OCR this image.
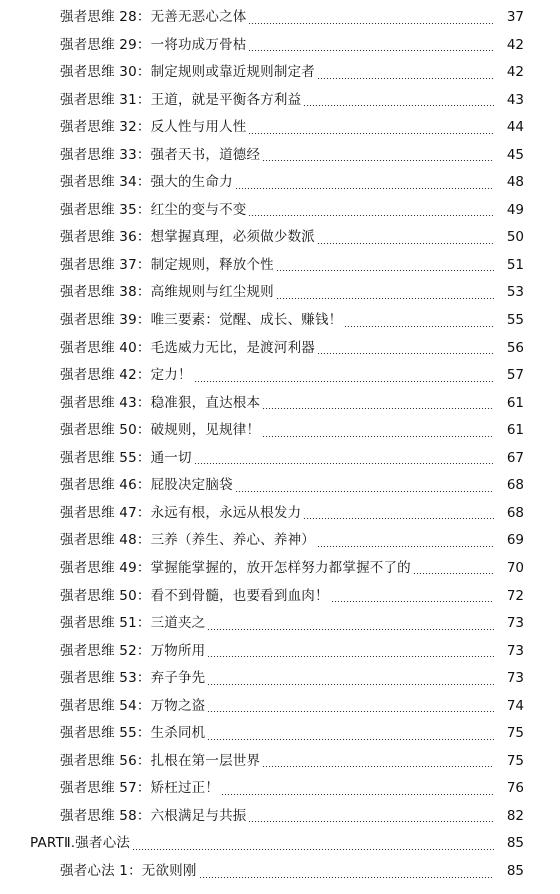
强者思维 28：无善无恶心之体	37
强者思维 29：一将功成万骨枯	42
强者思维 30：制定规则或靠近规则制定者	42
强者思维 31：王道，就是平衡各方利益	43
强者思维 32：反人性与用人性	44
强者思维 33：强者天书，道德经	45
强者思维 34：强大的生命力	48
强者思维 35：红尘的变与不变	49
强者思维 36：想掌握真理，必须做少数派	50
强者思维 37：制定规则，释放个性	51
强者思维 38：高维规则与红尘规则	53
强者思维 39：唯三要素：觉醒、成长、赚钱！	55
强者思维 40：毛选威力无比，是渡河利器	56
强者思维 42：定力！	57
强者思维 43：稳准狠，直达根本	61
强者思维 50：破规则，见规律！	61
强者思维 55：通一切	67
强者思维 46：屁股决定脑袋	68
强者思维 47：永远有根，永远从根发力	68
强者思维 48：三养（养生、养心、养神）	69
强者思维 49：掌握能掌握的，放开怎样努力都掌握不了的	70
强者思维 50：看不到骨髓，也要看到血肉！	72
强者思维 51：三道夹之	73
强者思维 52：万物所用	73
强者思维 53：弃子争先	73
强者思维 54：万物之盗	74
强者思维 55：生杀同机	75
强者思维 56：扎根在第一层世界	75
强者思维 57：矫枉过正！	76
强者思维 58：六根满足与共振	82
PARTⅡ.强者心法	85
强者心法 1：无欲则刚	85
